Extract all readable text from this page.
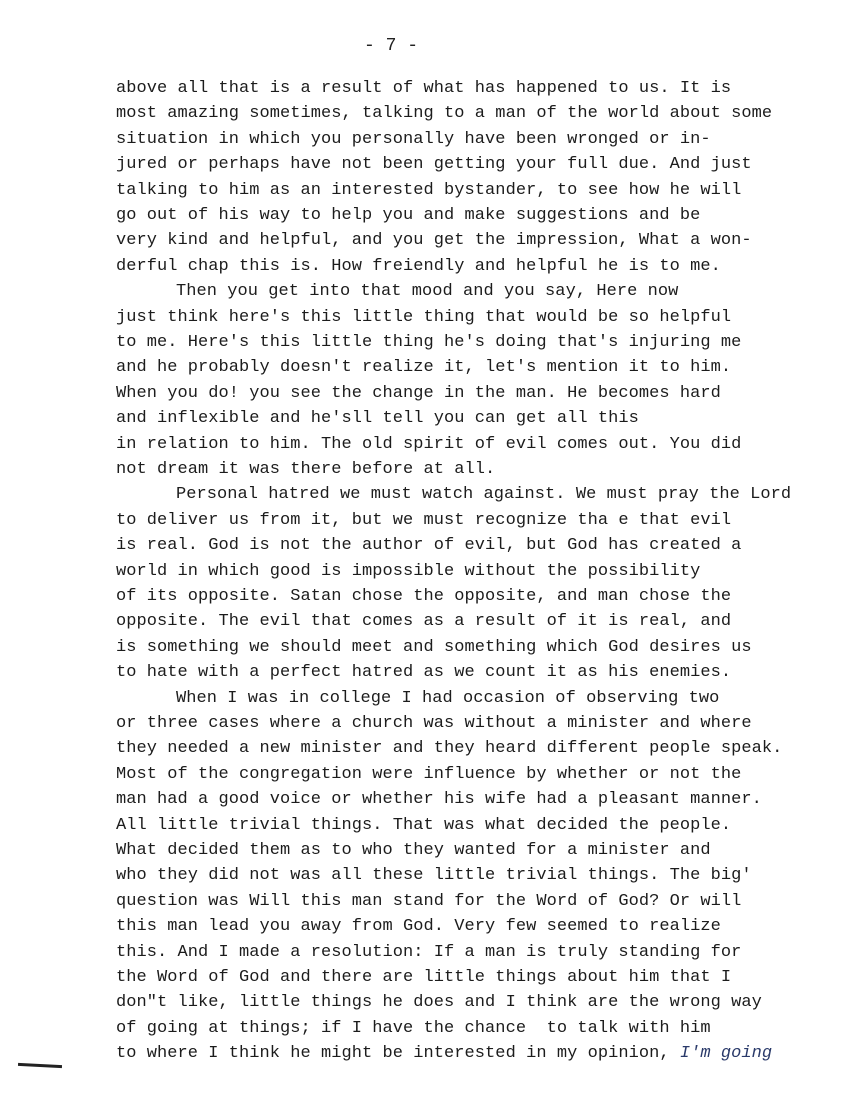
- 7 -
above all that is a result of what has happened to us. It is
most amazing sometimes, talking to a man of the world about some
situation in which you personally have been wronged or in-
jured or perhaps have not been getting your full due. And just
talking to him as an interested bystander, to see how he will
go out of his way to help you and make suggestions and be
very kind and helpful, and you get the impression, What a won-
derful chap this is. How freiendly and helpful he is to me.
Then you get into that mood and you say, Here now
just think here's this little thing that would be so helpful
to me. Here's this little thing he's doing that's injuring me
and he probably doesn't realize it, let's mention it to him.
When you do! you see the change in the man. He becomes hard
and inflexible and he'sll tell you can get all this
in relation to him. The old spirit of evil comes out. You did
not dream it was there before at all.
Personal hatred we must watch against. We must pray the Lord
to deliver us from it, but we must recognize tha e that evil
is real. God is not the author of evil, but God has created a
world in which good is impossible without the possibility
of its opposite. Satan chose the opposite, and man chose the
opposite. The evil that comes as a result of it is real, and
is something we should meet and something which God desires us
to hate with a perfect hatred as we count it as his enemies.
When I was in college I had occasion of observing two
or three cases where a church was without a minister and where
they needed a new minister and they heard different people speak.
Most of the congregation were influence by whether or not the
man had a good voice or whether his wife had a pleasant manner.
All little trivial things. That was what decided the people.
What decided them as to who they wanted for a minister and
who they did not was all these little trivial things. The big'
question was Will this man stand for the Word of God? Or will
this man lead you away from God. Very few seemed to realize
this. And I made a resolution: If a man is truly standing for
the Word of God and there are little things about him that I
don"t like, little things he does and I think are the wrong way
of going at things; if I have the chance  to talk with him
to where I think he might be interested in my opinion, I'm going
